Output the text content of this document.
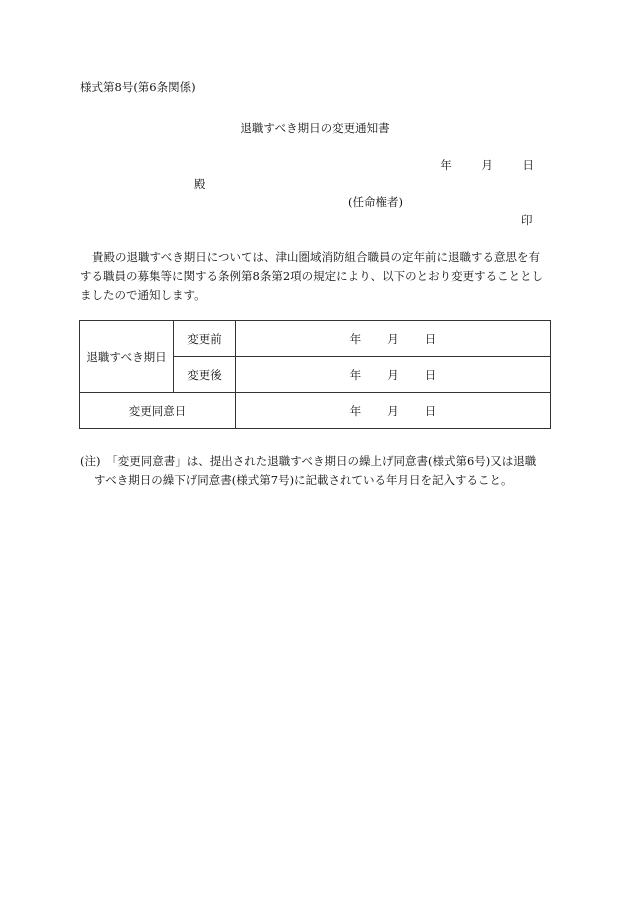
様式第8号(第6条関係)
退職すべき期日の変更通知書
年	月	日
殿
(任命権者)
印
貴殿の退職すべき期日については、津山圏域消防組合職員の定年前に退職する意思を有
する職員の募集等に関する条例第8条第2項の規定により、以下のとおり変更することとし
ましたので通知します。
退職すべき期日	変更前	年 月 日
	変更後	年 月 日
変更同意日		年 月 日
(注)　「変更同意書」は、提出された退職すべき期日の繰上げ同意書(様式第6号)又は退職
すべき期日の繰下げ同意書(様式第7号)に記載されている年月日を記入すること。
